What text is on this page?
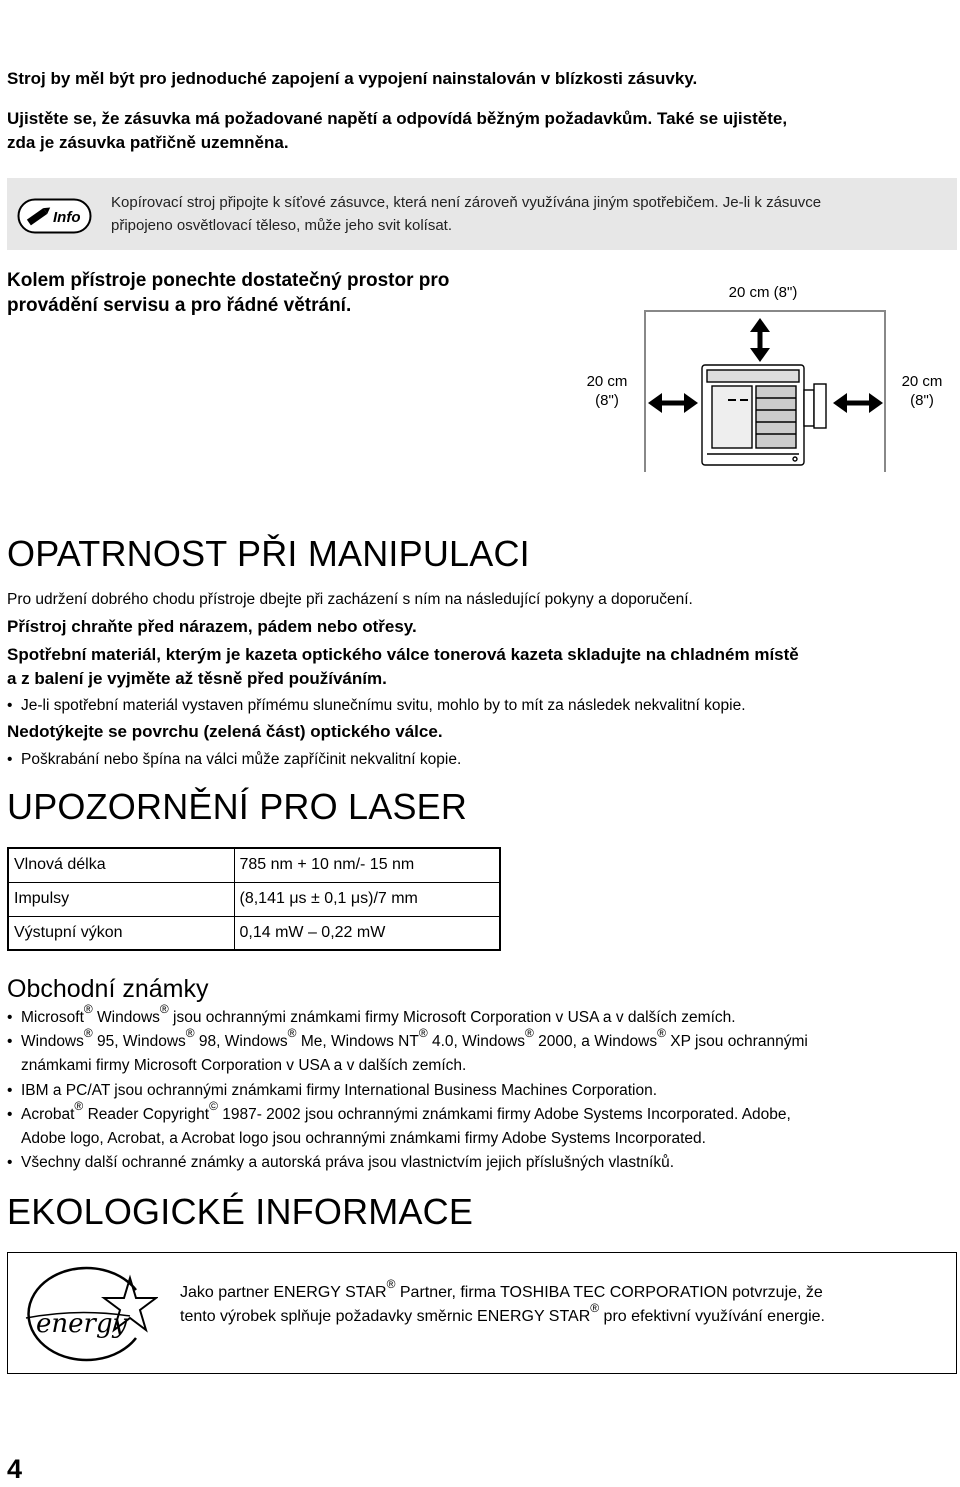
Stroj by měl být pro jednoduché zapojení a vypojení nainstalován v blízkosti zásuvky.
Ujistěte se, že zásuvka má požadované napětí a odpovídá běžným požadavkům. Také se ujistěte,
zda je zásuvka patřičně uzemněna.
Info
Kopírovací stroj připojte k síťové zásuvce, která není zároveň využívána jiným spotřebičem. Je-li k zásuvce
připojeno osvětlovací těleso, může jeho svit kolísat.
Kolem přístroje ponechte dostatečný prostor pro
provádění servisu a pro řádné větrání.
20 cm (8")
20 cm
(8")
20 cm
(8")
OPATRNOST PŘI MANIPULACI
Pro udržení dobrého chodu přístroje dbejte při zacházení s ním na následující pokyny a doporučení.
Přístroj chraňte před nárazem, pádem nebo otřesy.
Spotřební materiál, kterým je kazeta optického válce tonerová kazeta skladujte na chladném místě
a z balení je vyjměte až těsně před používáním.
• Je-li spotřební materiál vystaven přímému slunečnímu svitu, mohlo by to mít za následek nekvalitní kopie.
Nedotýkejte se povrchu (zelená část) optického válce.
• Poškrabání nebo špína na válci může zapříčinit nekvalitní kopie.
UPOZORNĚNÍ PRO LASER
Vlnová délka	785 nm + 10 nm/- 15 nm
Impulsy	(8,141 μs ± 0,1 μs)/7 mm
Výstupní výkon	0,14 mW – 0,22 mW
Obchodní známky
• Microsoft® Windows® jsou ochrannými známkami firmy Microsoft Corporation v USA a v dalších zemích.
• Windows® 95, Windows® 98, Windows® Me, Windows NT® 4.0, Windows® 2000, a Windows® XP jsou ochrannými
známkami firmy Microsoft Corporation v USA a v dalších zemích.
• IBM a PC/AT jsou ochrannými známkami firmy International Business Machines Corporation.
• Acrobat® Reader Copyright© 1987- 2002 jsou ochrannými známkami firmy Adobe Systems Incorporated. Adobe,
Adobe logo, Acrobat, a Acrobat logo jsou ochrannými známkami firmy Adobe Systems Incorporated.
• Všechny další ochranné známky a autorská práva jsou vlastnictvím jejich příslušných vlastníků.
EKOLOGICKÉ INFORMACE
energy
Jako partner ENERGY STAR® Partner, firma TOSHIBA TEC CORPORATION potvrzuje, že
tento výrobek splňuje požadavky směrnic ENERGY STAR® pro efektivní využívání energie.
4
